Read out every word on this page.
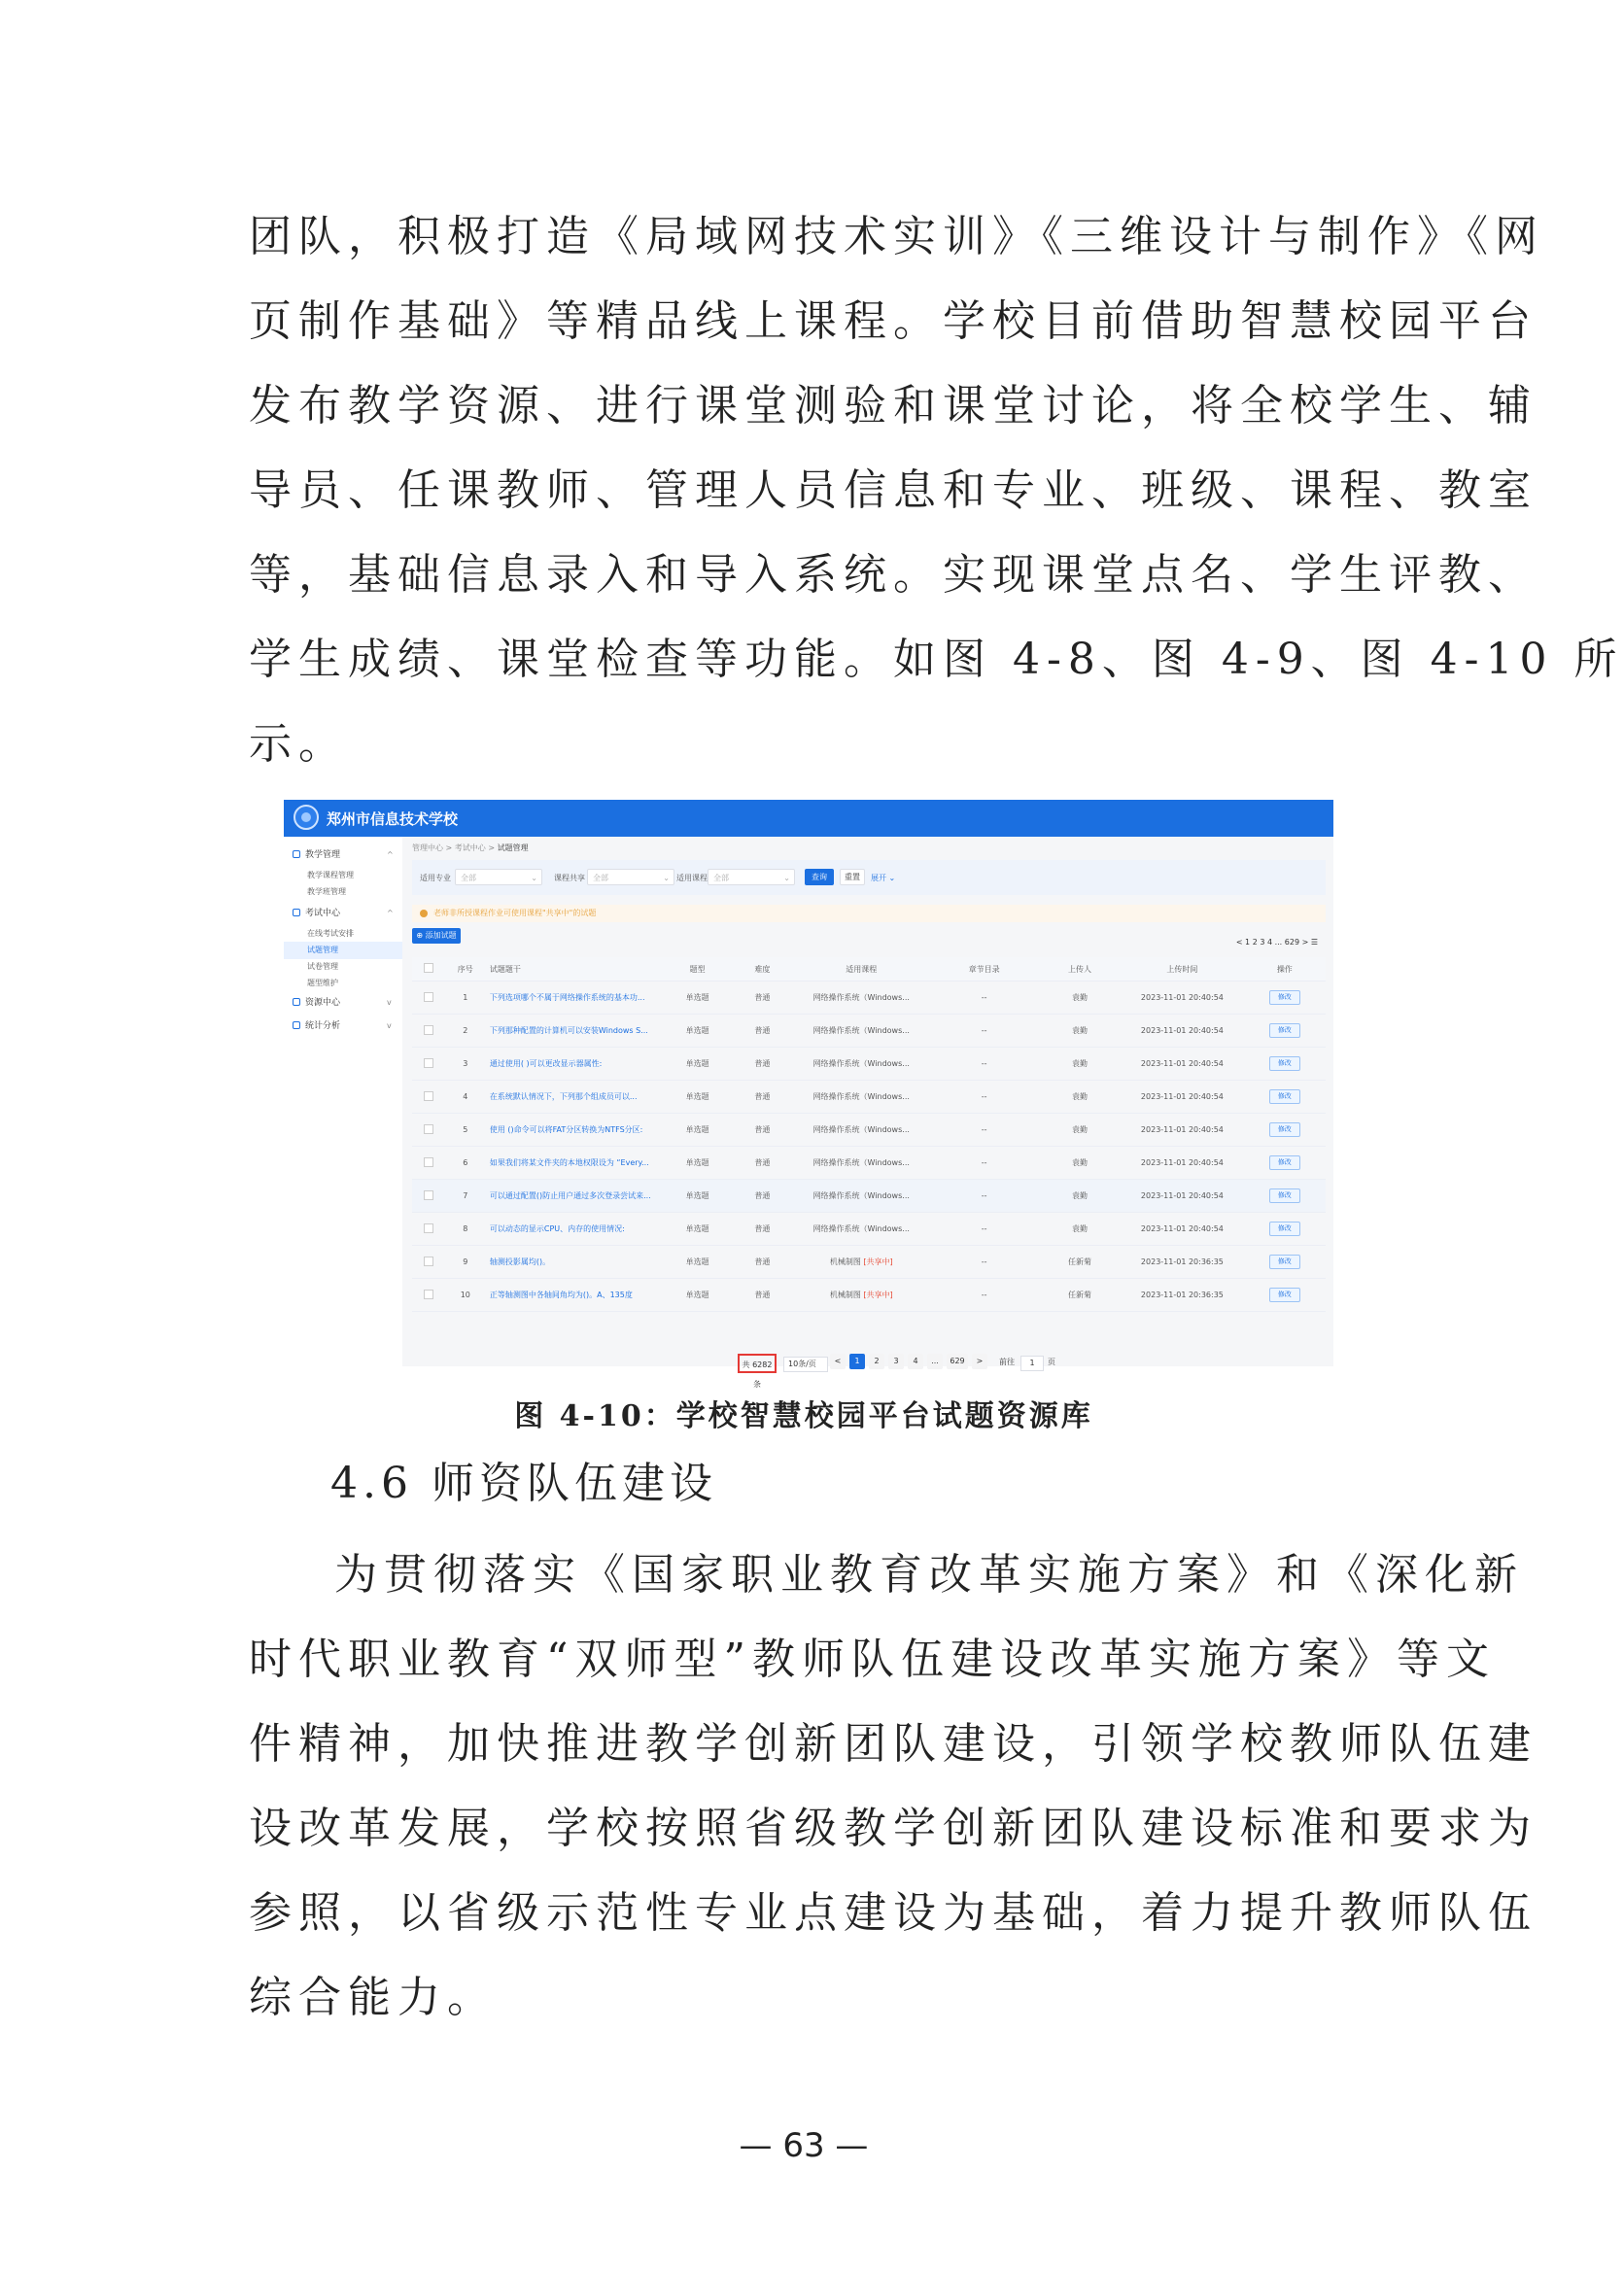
团队，积极打造《局域网技术实训》《三维设计与制作》《网
页制作基础》等精品线上课程。学校目前借助智慧校园平台
发布教学资源、进行课堂测验和课堂讨论，将全校学生、辅
导员、任课教师、管理人员信息和专业、班级、课程、教室
等，基础信息录入和导入系统。实现课堂点名、学生评教、
学生成绩、课堂检查等功能。如图 4-8、图 4-9、图 4-10 所
示。
郑州市信息技术学校
教学管理	^
教学课程管理
教学班管理
考试中心	^
在线考试安排
试题管理
试卷管理
题型维护
资源中心	v
统计分析	v
管理中心 > 考试中心 > 试题管理
适用专业	全部	⌄ 课程共享	全部	⌄ 适用课程 全部	⌄	查询	重置	展开 ⌄
老师非所授课程作业可使用课程"共享中"的试题
⊕ 添加试题
< 1 2 3 4 ... 629 > ☰
	序号	试题题干	题型	难度	适用课程	章节目录	上传人	上传时间	操作
	1	下列选项哪个不属于网络操作系统的基本功...	单选题	普通	网络操作系统（Windows...	--	袁勤	2023-11-01 20:40:54	修改
	2	下列那种配置的计算机可以安装Windows S...	单选题	普通	网络操作系统（Windows...	--	袁勤	2023-11-01 20:40:54	修改
	3	通过使用( )可以更改显示器属性:	单选题	普通	网络操作系统（Windows...	--	袁勤	2023-11-01 20:40:54	修改
	4	在系统默认情况下，下列那个组成员可以...	单选题	普通	网络操作系统（Windows...	--	袁勤	2023-11-01 20:40:54	修改
	5	使用 ()命令可以将FAT分区转换为NTFS分区:	单选题	普通	网络操作系统（Windows...	--	袁勤	2023-11-01 20:40:54	修改
	6	如果我们将某文件夹的本地权限设为 “Every...	单选题	普通	网络操作系统（Windows...	--	袁勤	2023-11-01 20:40:54	修改
	7	可以通过配置()防止用户通过多次登录尝试来...	单选题	普通	网络操作系统（Windows...	--	袁勤	2023-11-01 20:40:54	修改
	8	可以动态的显示CPU、内存的使用情况:	单选题	普通	网络操作系统（Windows...	--	袁勤	2023-11-01 20:40:54	修改
	9	轴测投影属均()。	单选题	普通	机械制图 [共享中]	--	任新菊	2023-11-01 20:36:35	修改
	10	正等轴测图中各轴间角均为()。A、135度	单选题	普通	机械制图 [共享中]	--	任新菊	2023-11-01 20:36:35	修改
共 6282 条
10条/页	<	1	2	3	4	...	629	>	前往	1	页
图 4-10：学校智慧校园平台试题资源库
4.6 师资队伍建设
为贯彻落实《国家职业教育改革实施方案》和《深化新
时代职业教育“双师型”教师队伍建设改革实施方案》等文
件精神，加快推进教学创新团队建设，引领学校教师队伍建
设改革发展，学校按照省级教学创新团队建设标准和要求为
参照，以省级示范性专业点建设为基础，着力提升教师队伍
综合能力。
— 63 —
